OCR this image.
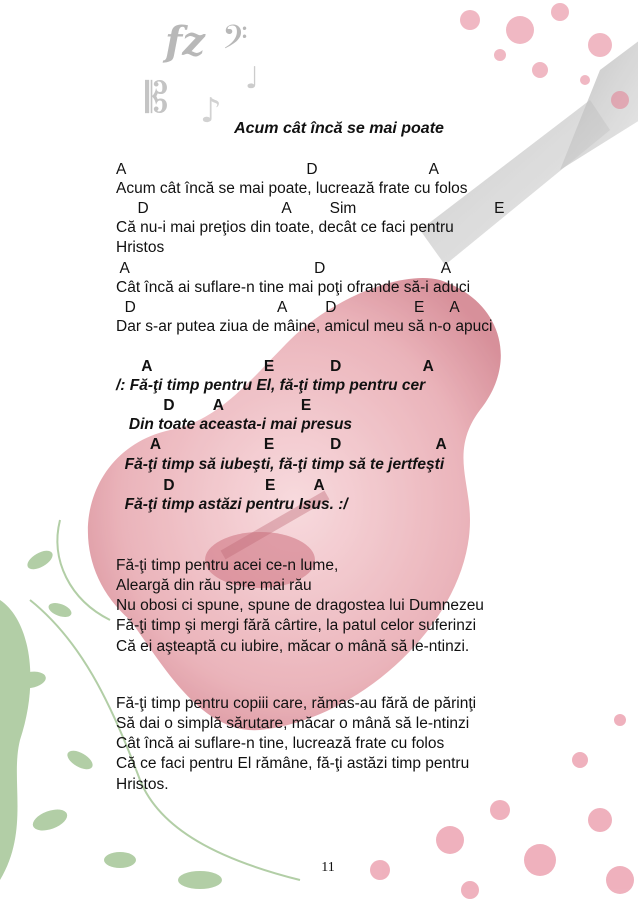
fz 𝄢
𝄡 ♪
♩
Acum cât încă se mai poate
A                                          D                          A
Acum cât încă se mai poate, lucrează frate cu folos
D                               A         Sim                                E
Că nu-i mai preţios din toate, decât ce faci pentru
Hristos
A                                           D                           A
Cât încă ai suflare-n tine mai poţi ofrande să-i aduci
D                                 A         D                  E      A
Dar s-ar putea ziua de mâine, amicul meu să n-o apuci
A                          E             D                   A
/: Fă-ţi timp pentru El, fă-ţi timp pentru cer
D         A                  E
Din toate aceasta-i mai presus
A                        E             D                      A
Fă-ţi timp să iubeşti, fă-ţi timp să te jertfeşti
D                     E         A
Fă-ţi timp astăzi pentru Isus. :/
Fă-ţi timp pentru acei ce-n lume,
Aleargă din rău spre mai rău
Nu obosi ci spune, spune de dragostea lui Dumnezeu
Fă-ţi timp şi mergi fără cârtire, la patul celor suferinzi
Că ei aşteaptă cu iubire, măcar o mână să le-ntinzi.
Fă-ţi timp pentru copiii care, rămas-au fără de părinţi
Să dai o simplă sărutare, măcar o mână să le-ntinzi
Cât încă ai suflare-n tine, lucrează frate cu folos
Că ce faci pentru El rămâne, fă-ţi astăzi timp pentru
Hristos.
11
